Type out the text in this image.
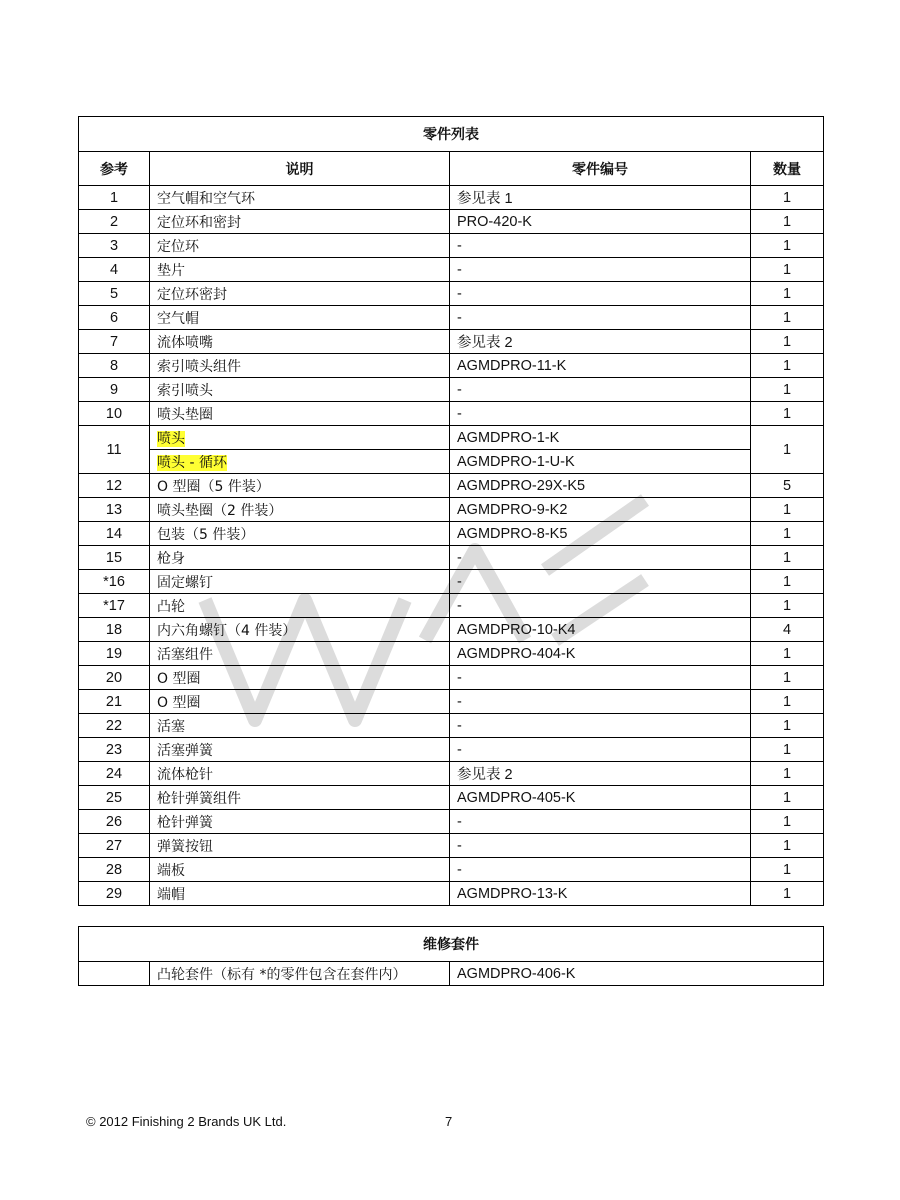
零件列表			
参考	说明	零件编号	数量
1	空气帽和空气环	参见表 1	1
2	定位环和密封	PRO-420-K	1
3	定位环	-	1
4	垫片	-	1
5	定位环密封	-	1
6	空气帽	-	1
7	流体喷嘴	参见表 2	1
8	索引喷头组件	AGMDPRO-11-K	1
9	索引喷头	-	1
10	喷头垫圈	-	1
11	喷头	AGMDPRO-1-K	1
	喷头 - 循环	AGMDPRO-1-U-K	
12	O 型圈（5 件装）	AGMDPRO-29X-K5	5
13	喷头垫圈（2 件装）	AGMDPRO-9-K2	1
14	包装（5 件装）	AGMDPRO-8-K5	1
15	枪身	-	1
*16	固定螺钉	-	1
*17	凸轮	-	1
18	内六角螺钉（4 件装）	AGMDPRO-10-K4	4
19	活塞组件	AGMDPRO-404-K	1
20	O 型圈	-	1
21	O 型圈	-	1
22	活塞	-	1
23	活塞弹簧	-	1
24	流体枪针	参见表 2	1
25	枪针弹簧组件	AGMDPRO-405-K	1
26	枪针弹簧	-	1
27	弹簧按钮	-	1
28	端板	-	1
29	端帽	AGMDPRO-13-K	1
维修套件
	凸轮套件（标有 *的零件包含在套件内）	AGMDPRO-406-K
© 2012 Finishing 2 Brands UK Ltd.	7
